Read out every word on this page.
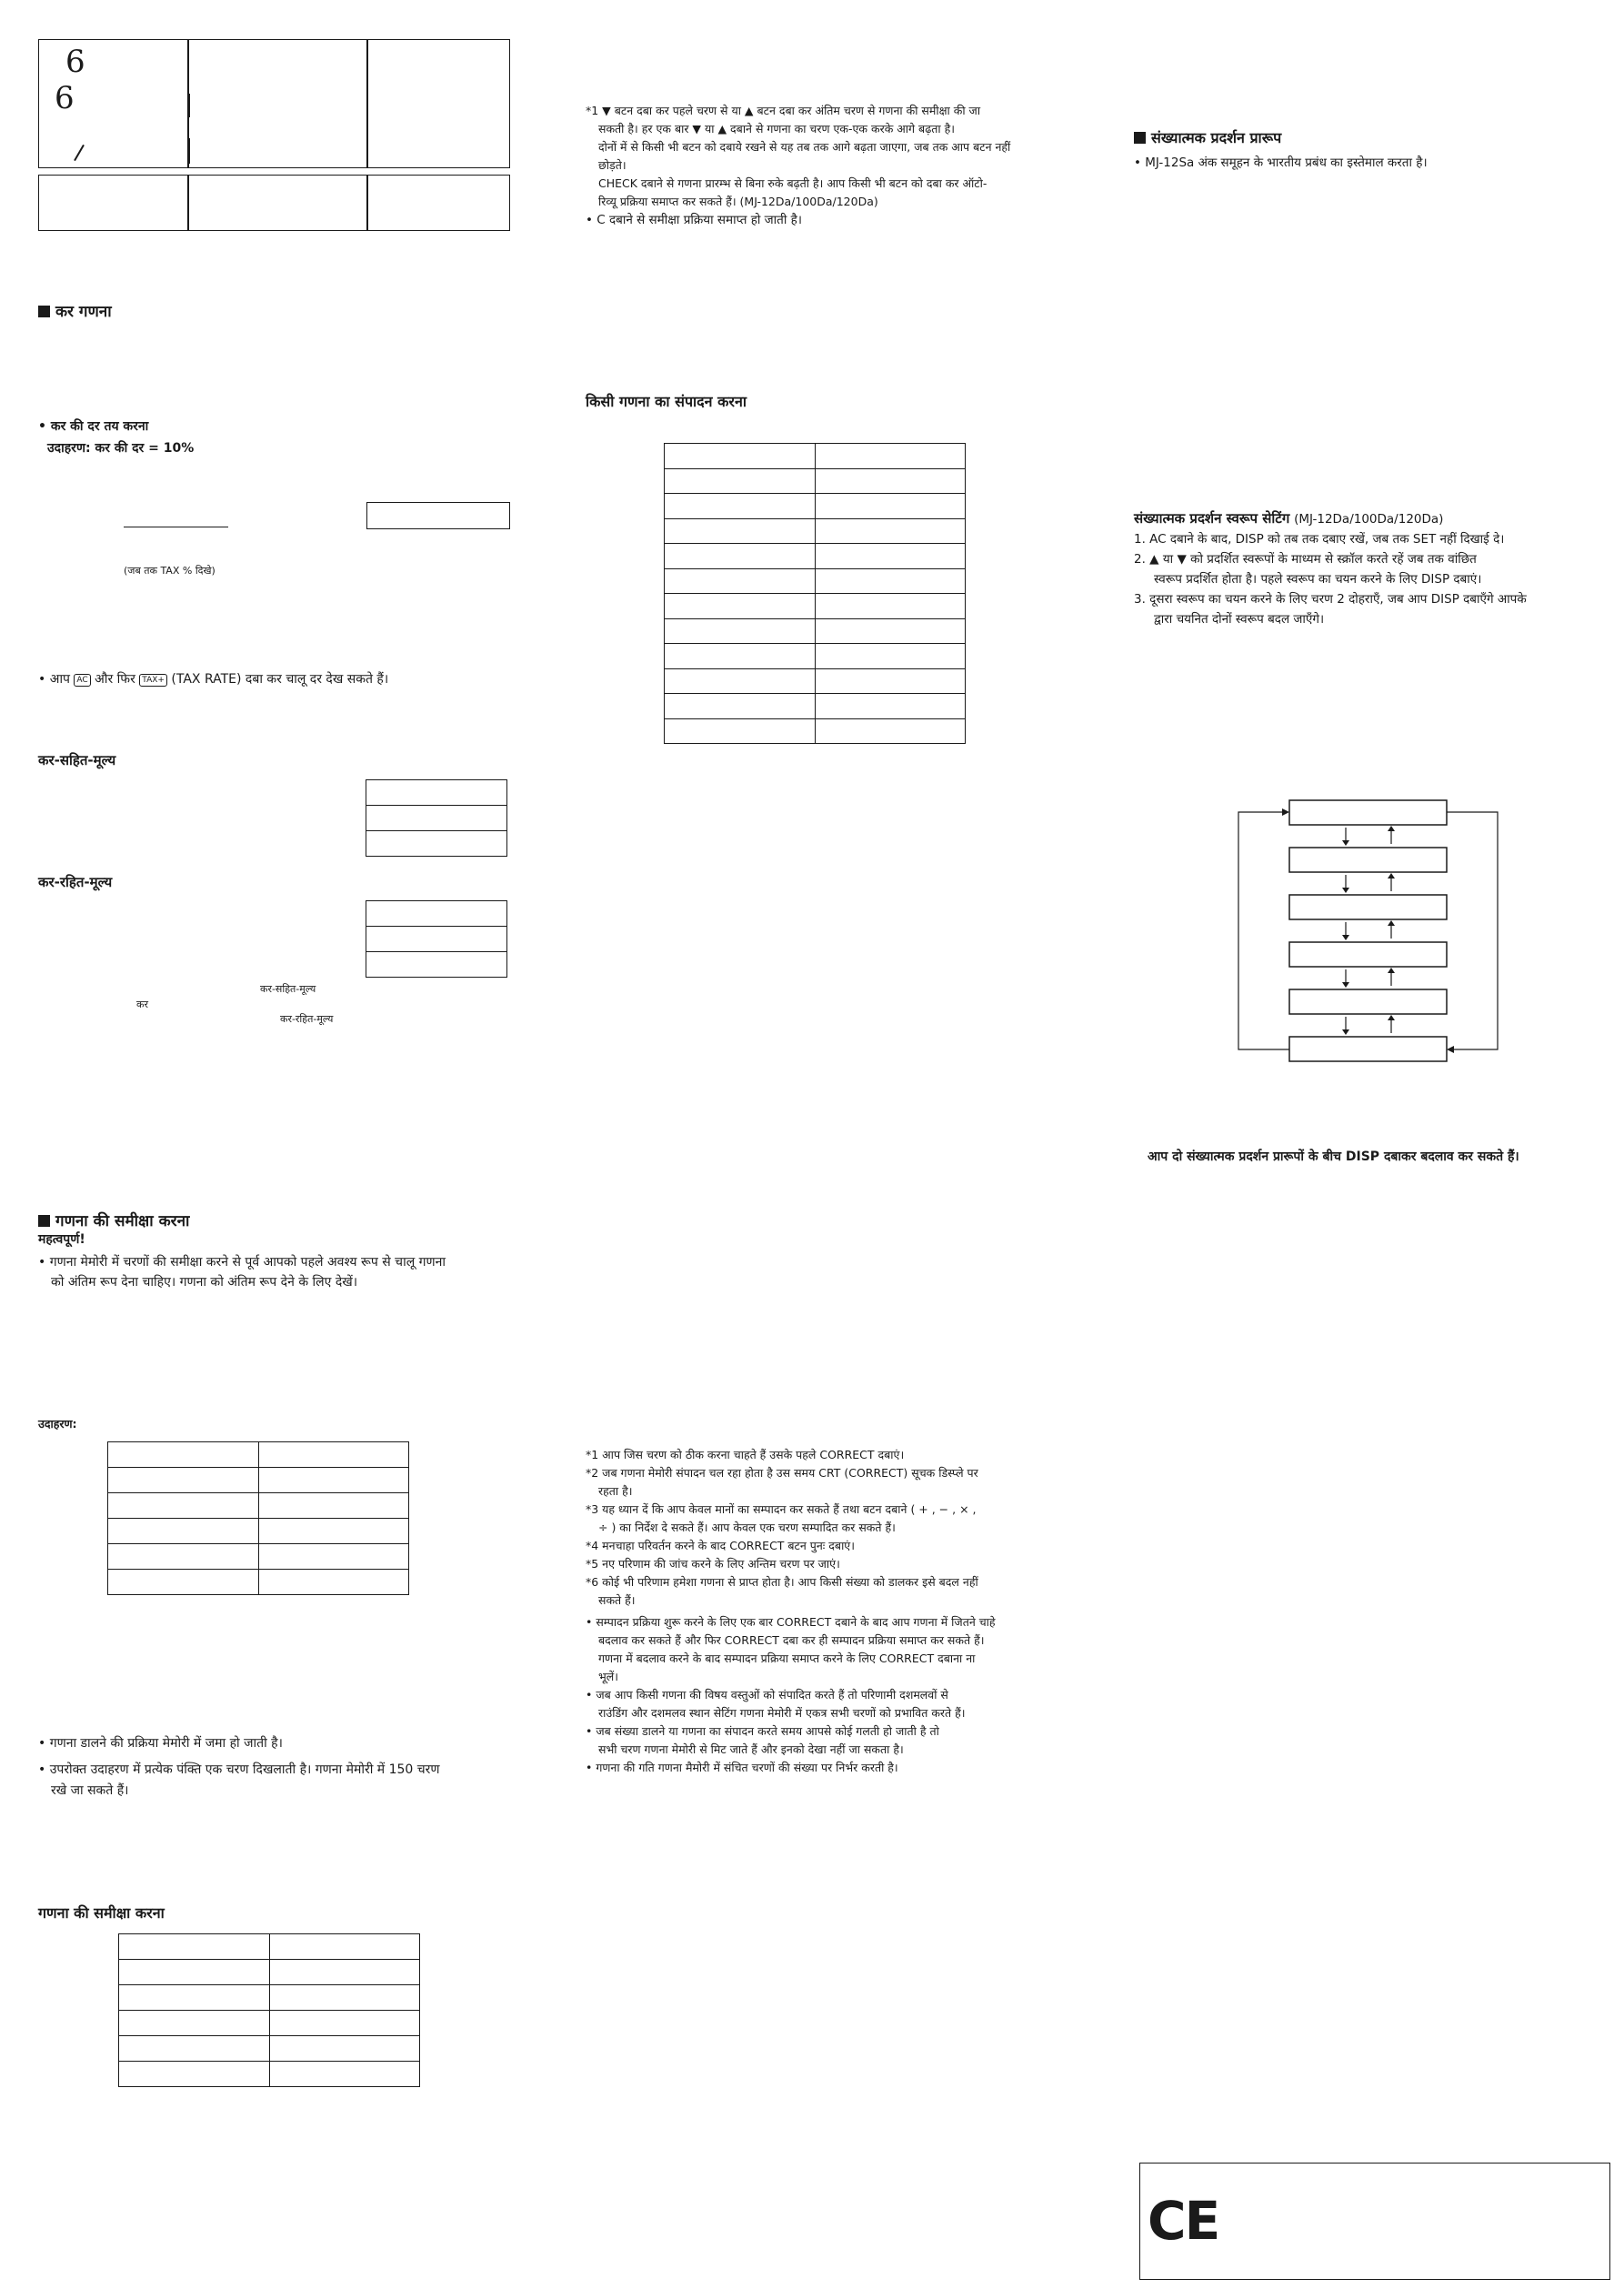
6
6
कर गणना
• कर की दर तय करना
उदाहरण: कर की दर = 10%
(जब तक TAX % दिखे)
• आप AC और फिर TAX+ (TAX RATE) दबा कर चालू दर देख सकते हैं।
कर-सहित-मूल्य

कर-रहित-मूल्य

कर-सहित-मूल्य
कर
कर-रहित-मूल्य
गणना की समीक्षा करना
महत्वपूर्ण!
• गणना मेमोरी में चरणों की समीक्षा करने से पूर्व आपको पहले अवश्य रूप से चालू गणना
को अंतिम रूप देना चाहिए। गणना को अंतिम रूप देने के लिए देखें।
उदाहरण:

• गणना डालने की प्रक्रिया मेमोरी में जमा हो जाती है।
• उपरोक्त उदाहरण में प्रत्येक पंक्ति एक चरण दिखलाती है। गणना मेमोरी में 150 चरण
रखे जा सकते हैं।
गणना की समीक्षा करना

*1 ▼ बटन दबा कर पहले चरण से या ▲ बटन दबा कर अंतिम चरण से गणना की समीक्षा की जा
सकती है। हर एक बार ▼ या ▲ दबाने से गणना का चरण एक-एक करके आगे बढ़ता है।
दोनों में से किसी भी बटन को दबाये रखने से यह तब तक आगे बढ़ता जाएगा, जब तक आप बटन नहीं
छोड़ते।
CHECK दबाने से गणना प्रारम्भ से बिना रुके बढ़ती है। आप किसी भी बटन को दबा कर ऑटो-
रिव्यू प्रक्रिया समाप्त कर सकते हैं। (MJ-12Da/100Da/120Da)
• C दबाने से समीक्षा प्रक्रिया समाप्त हो जाती है।
किसी गणना का संपादन करना

*1 आप जिस चरण को ठीक करना चाहते हैं उसके पहले CORRECT दबाएं।
*2 जब गणना मेमोरी संपादन चल रहा होता है उस समय CRT (CORRECT) सूचक डिस्प्ले पर
रहता है।
*3 यह ध्यान दें कि आप केवल मानों का सम्पादन कर सकते हैं तथा बटन दबाने ( + , − , × ,
÷ ) का निर्देश दे सकते हैं। आप केवल एक चरण सम्पादित कर सकते हैं।
*4 मनचाहा परिवर्तन करने के बाद CORRECT बटन पुनः दबाएं।
*5 नए परिणाम की जांच करने के लिए अन्तिम चरण पर जाएं।
*6 कोई भी परिणाम हमेशा गणना से प्राप्त होता है। आप किसी संख्या को डालकर इसे बदल नहीं
सकते हैं।
• सम्पादन प्रक्रिया शुरू करने के लिए एक बार CORRECT दबाने के बाद आप गणना में जितने चाहे
बदलाव कर सकते हैं और फिर CORRECT दबा कर ही सम्पादन प्रक्रिया समाप्त कर सकते हैं।
गणना में बदलाव करने के बाद सम्पादन प्रक्रिया समाप्त करने के लिए CORRECT दबाना ना
भूलें।
• जब आप किसी गणना की विषय वस्तुओं को संपादित करते हैं तो परिणामी दशमलवों से
राउंडिंग और दशमलव स्थान सेटिंग गणना मेमोरी में एकत्र सभी चरणों को प्रभावित करते हैं।
• जब संख्या डालने या गणना का संपादन करते समय आपसे कोई गलती हो जाती है तो
सभी चरण गणना मेमोरी से मिट जाते हैं और इनको देखा नहीं जा सकता है।
• गणना की गति गणना मैमोरी में संचित चरणों की संख्या पर निर्भर करती है।
संख्यात्मक प्रदर्शन प्रारूप
• MJ-12Sa अंक समूहन के भारतीय प्रबंध का इस्तेमाल करता है।
संख्यात्मक प्रदर्शन स्वरूप सेटिंग (MJ-12Da/100Da/120Da)
1. AC दबाने के बाद, DISP को तब तक दबाए रखें, जब तक SET नहीं दिखाई दे।
2. ▲ या ▼ को प्रदर्शित स्वरूपों के माध्यम से स्क्रॉल करते रहें जब तक वांछित
स्वरूप प्रदर्शित होता है। पहले स्वरूप का चयन करने के लिए DISP दबाएं।
3. दूसरा स्वरूप का चयन करने के लिए चरण 2 दोहराएँ, जब आप DISP दबाएँगे आपके
द्वारा चयनित दोनों स्वरूप बदल जाएँगे।
आप दो संख्यात्मक प्रदर्शन प्रारूपों के बीच DISP दबाकर बदलाव कर सकते हैं।
CE
